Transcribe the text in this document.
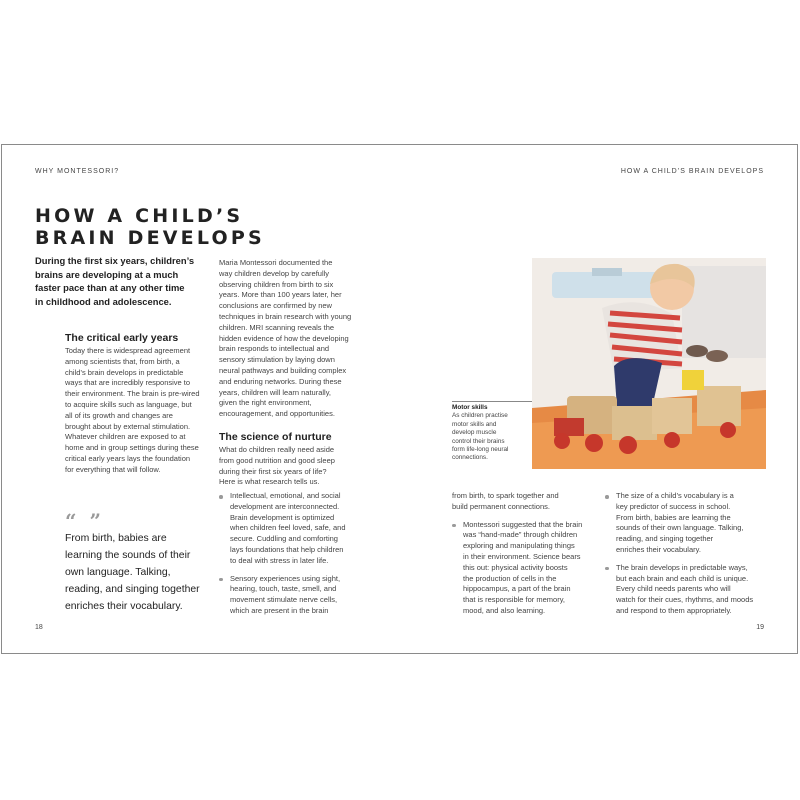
WHY MONTESSORI?
HOW A CHILD’S
BRAIN DEVELOPS
During the first six years, children’s
brains are developing at a much
faster pace than at any other time
in childhood and adolescence.
The critical early years
Today there is widespread agreement
among scientists that, from birth, a
child’s brain develops in predictable
ways that are incredibly responsive to
their environment. The brain is pre-wired
to acquire skills such as language, but
all of its growth and changes are
brought about by external stimulation.
Whatever children are exposed to at
home and in group settings during these
critical early years lays the foundation
for everything that will follow.
“ ”
From birth, babies are
learning the sounds of their
own language. Talking,
reading, and singing together
enriches their vocabulary.
18
Maria Montessori documented the
way children develop by carefully
observing children from birth to six
years. More than 100 years later, her
conclusions are confirmed by new
techniques in brain research with young
children. MRI scanning reveals the
hidden evidence of how the developing
brain responds to intellectual and
sensory stimulation by laying down
neural pathways and building complex
and enduring networks. During these
years, children will learn naturally,
given the right environment,
encouragement, and opportunities.
The science of nurture
What do children really need aside
from good nutrition and good sleep
during their first six years of life?
Here is what research tells us.
Intellectual, emotional, and social
development are interconnected.
Brain development is optimized
when children feel loved, safe, and
secure. Cuddling and comforting
lays foundations that help children
to deal with stress in later life.
Sensory experiences using sight,
hearing, touch, taste, smell, and
movement stimulate nerve cells,
which are present in the brain
HOW A CHILD’S BRAIN DEVELOPS
Motor skills
As children practise
motor skills and
develop muscle
control their brains
form life-long neural
connections.
from birth, to spark together and
build permanent connections.
Montessori suggested that the brain
was “hand-made” through children
exploring and manipulating things
in their environment. Science bears
this out: physical activity boosts
the production of cells in the
hippocampus, a part of the brain
that is responsible for memory,
mood, and also learning.
The size of a child’s vocabulary is a
key predictor of success in school.
From birth, babies are learning the
sounds of their own language. Talking,
reading, and singing together
enriches their vocabulary.
The brain develops in predictable ways,
but each brain and each child is unique.
Every child needs parents who will
watch for their cues, rhythms, and moods
and respond to them appropriately.
19
